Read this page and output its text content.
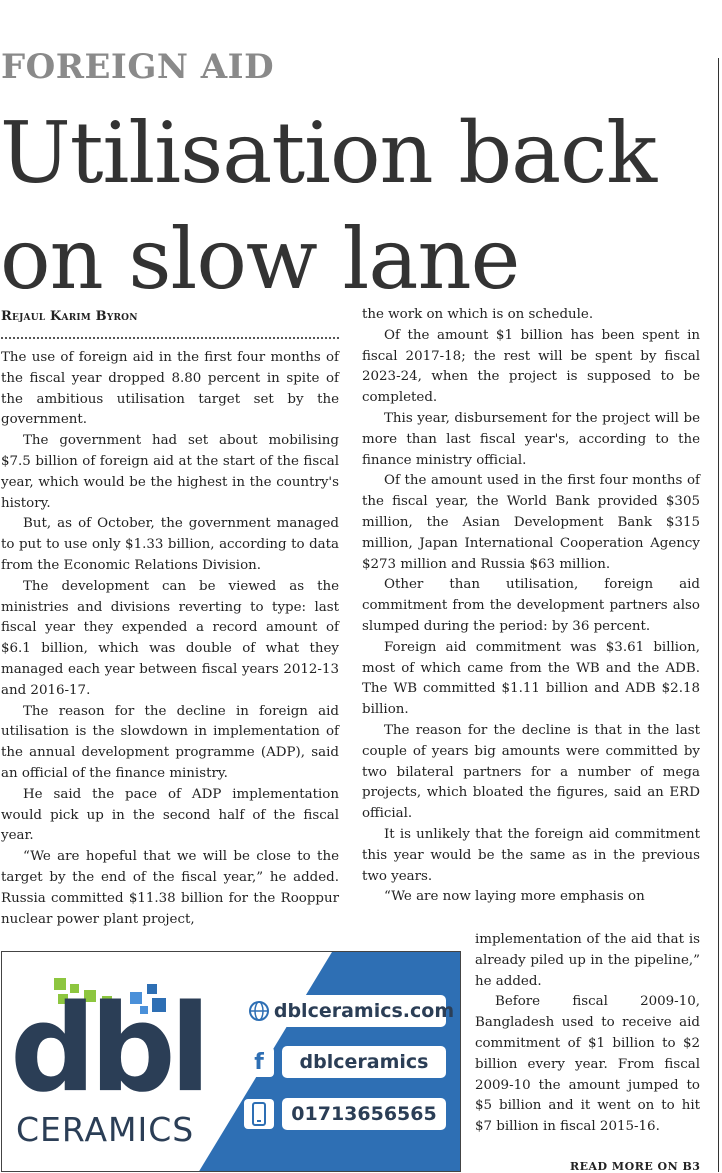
FOREIGN AID
Utilisation back
on slow lane
Rejaul Karim Byron

The use of foreign aid in the first four months of the fiscal year dropped 8.80 percent in spite of the ambitious utilisation target set by the government.

The government had set about mobilising $7.5 billion of foreign aid at the start of the fiscal year, which would be the highest in the country's history.

But, as of October, the government managed to put to use only $1.33 billion, according to data from the Economic Relations Division.

The development can be viewed as the ministries and divisions reverting to type: last fiscal year they expended a record amount of $6.1 billion, which was double of what they managed each year between fiscal years 2012-13 and 2016-17.

The reason for the decline in foreign aid utilisation is the slowdown in implementation of the annual development programme (ADP), said an official of the finance ministry.

He said the pace of ADP implementation would pick up in the second half of the fiscal year.

“We are hopeful that we will be close to the target by the end of the fiscal year,” he added. Russia committed $11.38 billion for the Rooppur nuclear power plant project,

the work on which is on schedule.

Of the amount $1 billion has been spent in fiscal 2017-18; the rest will be spent by fiscal 2023-24, when the project is supposed to be completed.

This year, disbursement for the project will be more than last fiscal year's, according to the finance ministry official.

Of the amount used in the first four months of the fiscal year, the World Bank provided $305 million, the Asian Development Bank $315 million, Japan International Cooperation Agency $273 million and Russia $63 million.

Other than utilisation, foreign aid commitment from the development partners also slumped during the period: by 36 percent.

Foreign aid commitment was $3.61 billion, most of which came from the WB and the ADB. The WB committed $1.11 billion and ADB $2.18 billion.

The reason for the decline is that in the last couple of years big amounts were committed by two bilateral partners for a number of mega projects, which bloated the figures, said an ERD official.

It is unlikely that the foreign aid commitment this year would be the same as in the previous two years.

“We are now laying more emphasis on

implementation of the aid that is already piled up in the pipeline,” he added.

Before fiscal 2009-10, Bangladesh used to receive aid commitment of $1 billion to $2 billion every year. From fiscal 2009-10 the amount jumped to $5 billion and it went on to hit $7 billion in fiscal 2015-16.

READ MORE ON B3
dbl
CERAMICS
dblceramics.com
f	dblceramics
01713656565
